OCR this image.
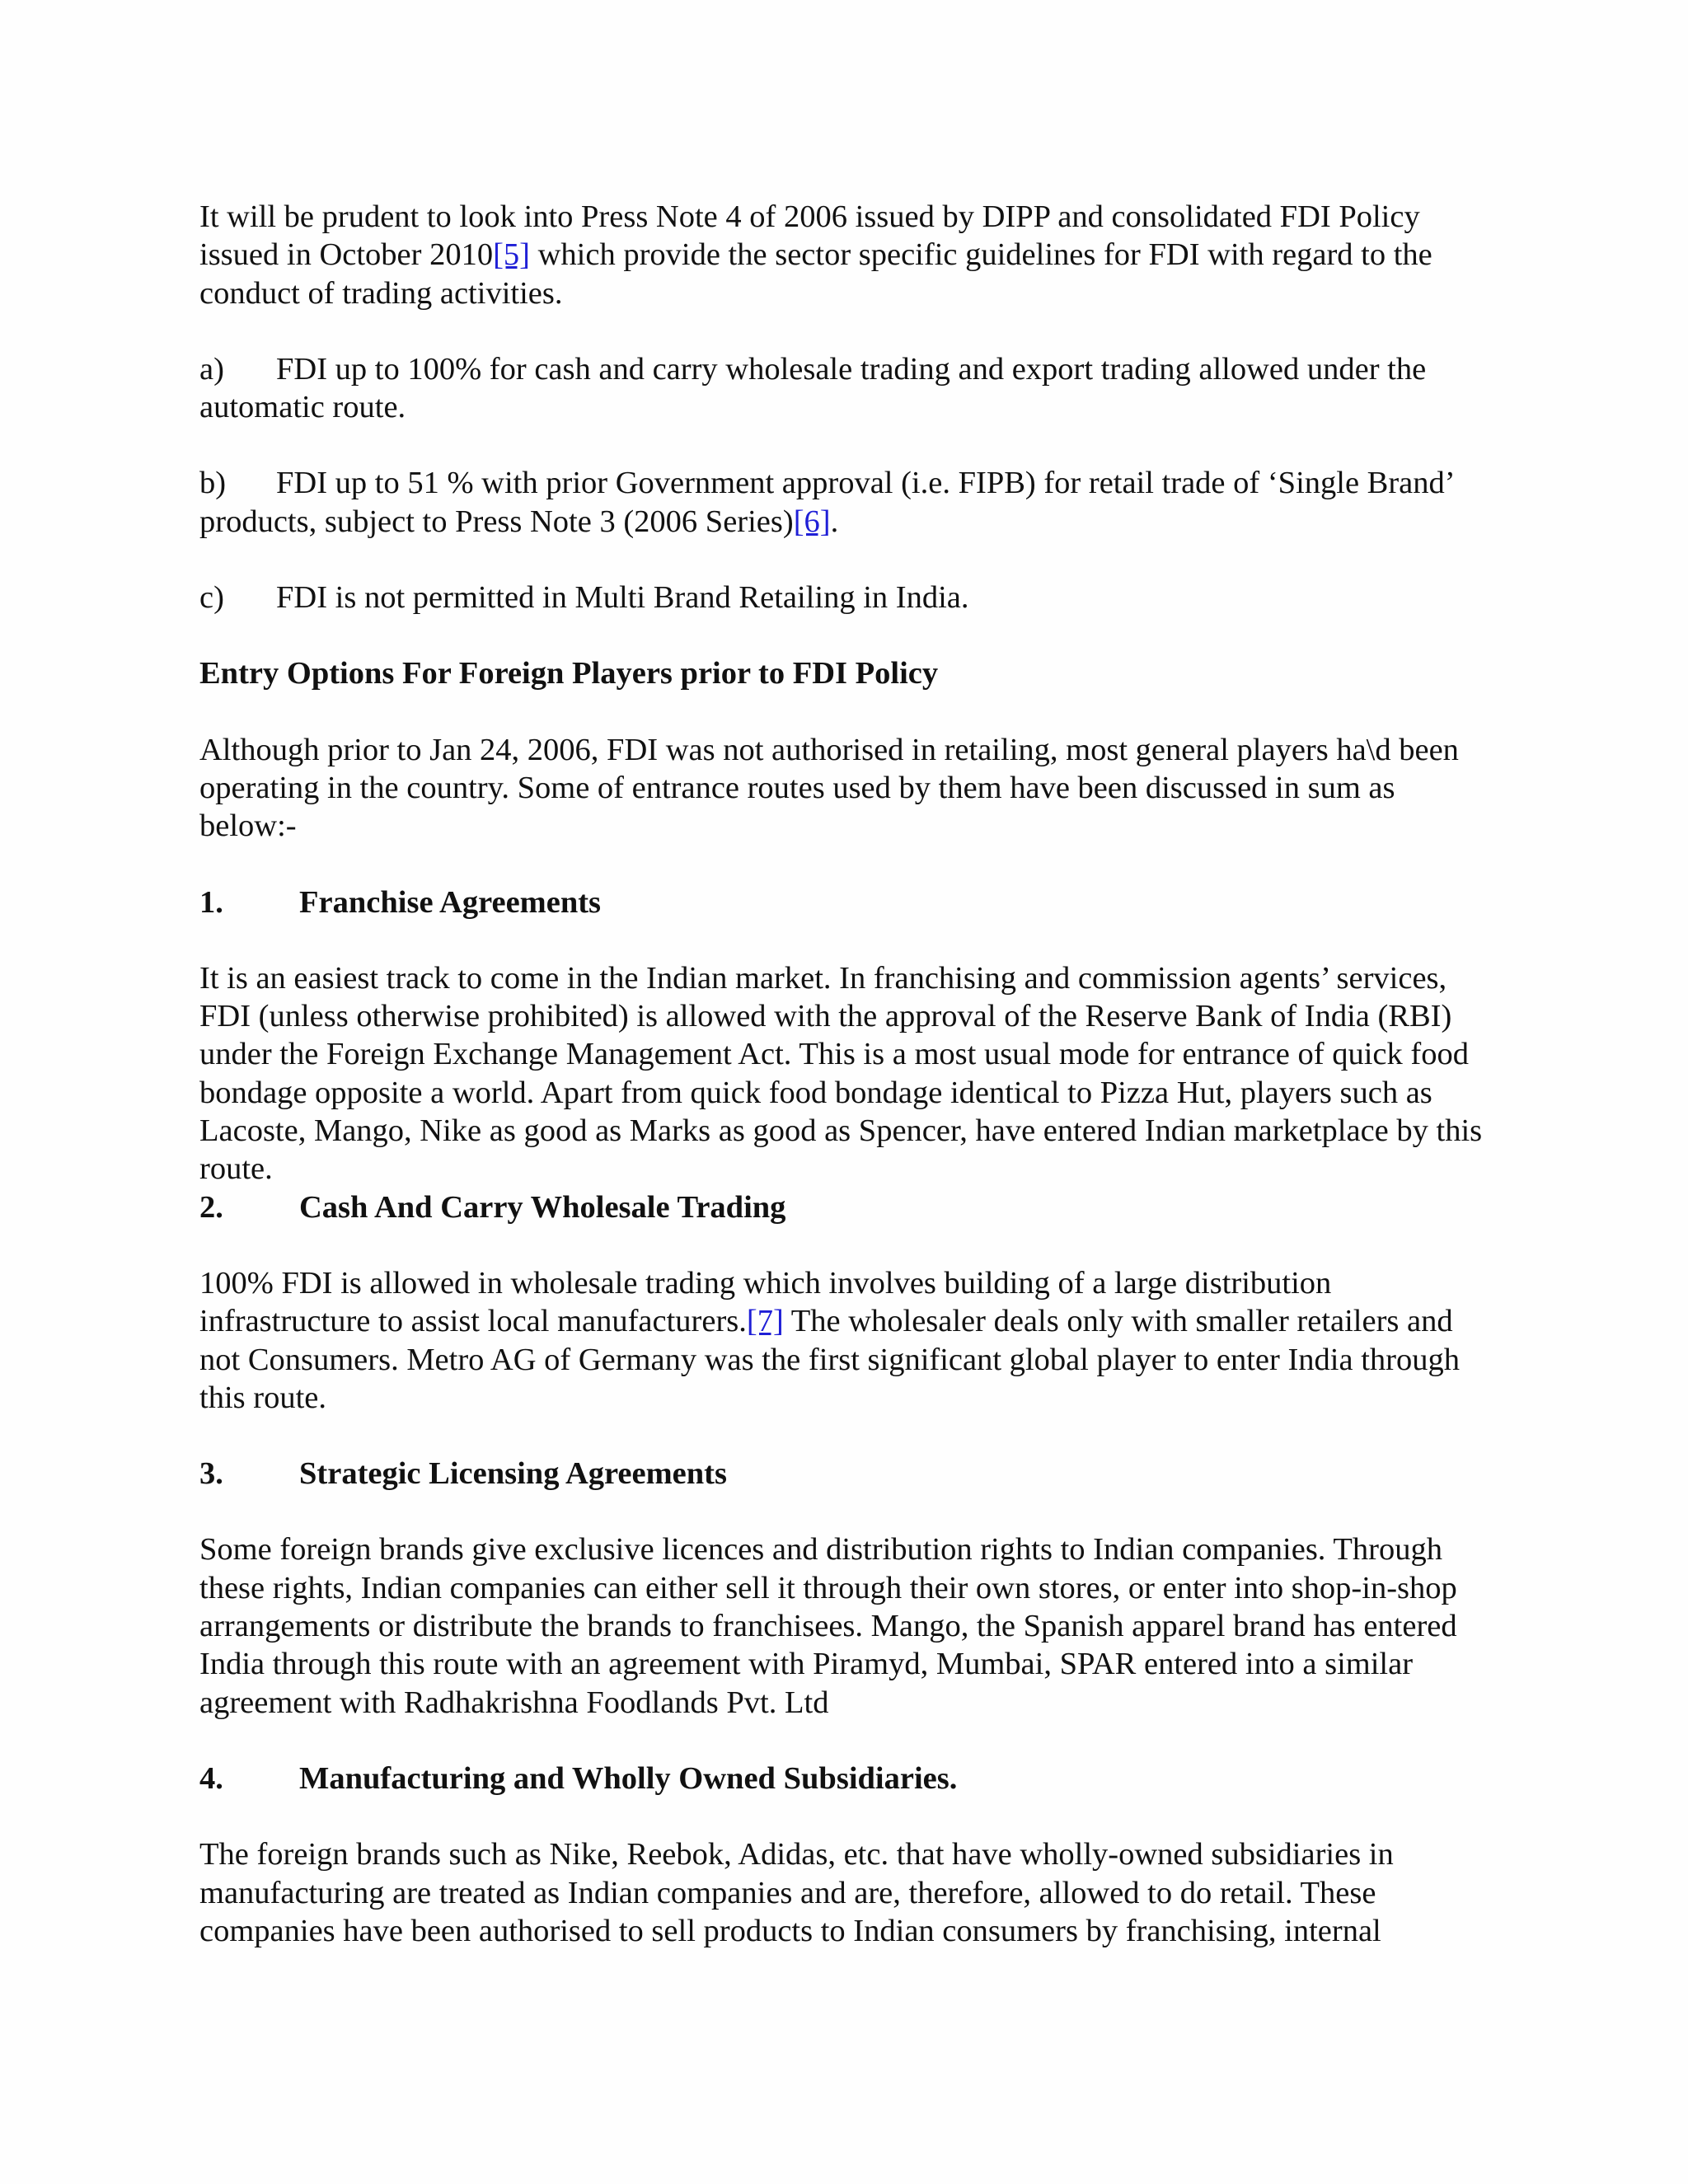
It will be prudent to look into Press Note 4 of 2006 issued by DIPP and consolidated FDI Policy issued in October 2010[5] which provide the sector specific guidelines for FDI with regard to the conduct of trading activities.

a) FDI up to 100% for cash and carry wholesale trading and export trading allowed under the automatic route.

b) FDI up to 51 % with prior Government approval (i.e. FIPB) for retail trade of ‘Single Brand’ products, subject to Press Note 3 (2006 Series)[6].

c) FDI is not permitted in Multi Brand Retailing in India.

Entry Options For Foreign Players prior to FDI Policy

Although prior to Jan 24, 2006, FDI was not authorised in retailing, most general players ha\d been operating in the country. Some of entrance routes used by them have been discussed in sum as below:-

1. Franchise Agreements

It is an easiest track to come in the Indian market. In franchising and commission agents’ services, FDI (unless otherwise prohibited) is allowed with the approval of the Reserve Bank of India (RBI) under the Foreign Exchange Management Act. This is a most usual mode for entrance of quick food bondage opposite a world. Apart from quick food bondage identical to Pizza Hut, players such as Lacoste, Mango, Nike as good as Marks as good as Spencer, have entered Indian marketplace by this route.

2. Cash And Carry Wholesale Trading

100% FDI is allowed in wholesale trading which involves building of a large distribution infrastructure to assist local manufacturers.[7] The wholesaler deals only with smaller retailers and not Consumers. Metro AG of Germany was the first significant global player to enter India through this route.

3. Strategic Licensing Agreements

Some foreign brands give exclusive licences and distribution rights to Indian companies. Through these rights, Indian companies can either sell it through their own stores, or enter into shop-in-shop arrangements or distribute the brands to franchisees. Mango, the Spanish apparel brand has entered India through this route with an agreement with Piramyd, Mumbai, SPAR entered into a similar agreement with Radhakrishna Foodlands Pvt. Ltd

4. Manufacturing and Wholly Owned Subsidiaries.

The foreign brands such as Nike, Reebok, Adidas, etc. that have wholly-owned subsidiaries in manufacturing are treated as Indian companies and are, therefore, allowed to do retail. These companies have been authorised to sell products to Indian consumers by franchising, internal
